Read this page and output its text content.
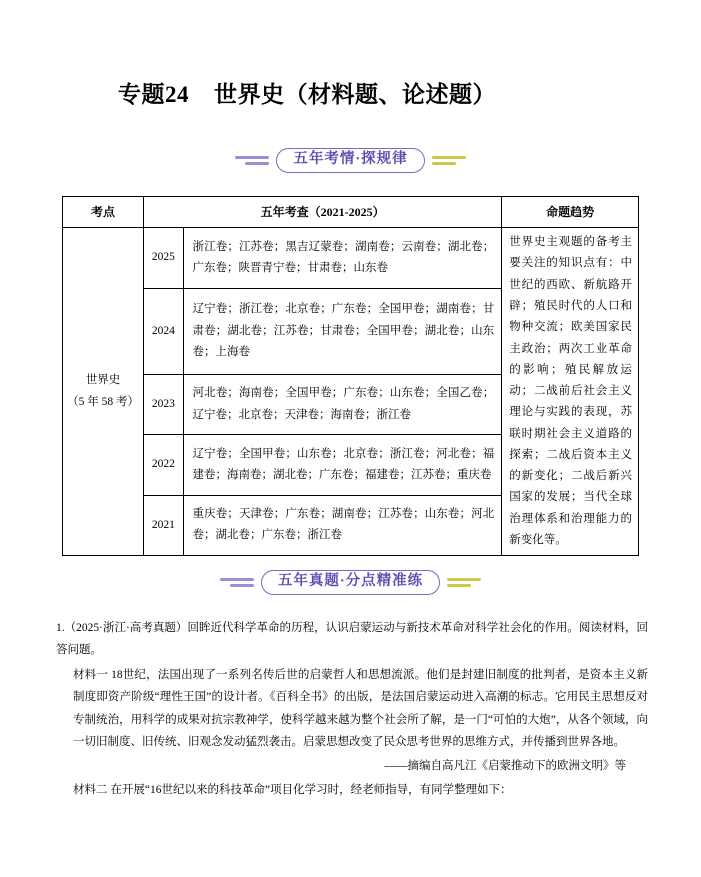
专题24 世界史（材料题、论述题）
五年考情·探规律
考点	五年考查（2021-2025）		命题趋势

世界史
（5 年 58 考）	2025	浙江卷；江苏卷；黑吉辽蒙卷；湖南卷；云南卷；湖北卷；广东卷；陕晋青宁卷；甘肃卷；山东卷	世界史主观题的备考主要关注的知识点有：中世纪的西欧、新航路开辟；殖民时代的人口和物种交流；欧美国家民主政治；两次工业革命的影响；殖民解放运动；二战前后社会主义理论与实践的表现，苏联时期社会主义道路的探索；二战后资本主义的新变化；二战后新兴国家的发展；当代全球治理体系和治理能力的新变化等。
	2024	辽宁卷；浙江卷；北京卷；广东卷；全国甲卷；湖南卷；甘肃卷；湖北卷；江苏卷；甘肃卷；全国甲卷；湖北卷；山东卷；上海卷	
	2023	河北卷；海南卷；全国甲卷；广东卷；山东卷；全国乙卷；辽宁卷；北京卷；天津卷；海南卷；浙江卷	
	2022	辽宁卷；全国甲卷；山东卷；北京卷；浙江卷；河北卷；福建卷；海南卷；湖北卷；广东卷；福建卷；江苏卷；重庆卷	
	2021	重庆卷；天津卷；广东卷；湖南卷；江苏卷；山东卷；河北卷；湖北卷；广东卷；浙江卷	
五年真题·分点精准练
1.（2025·浙江·高考真题）回眸近代科学革命的历程，认识启蒙运动与新技术革命对科学社会化的作用。阅读材料，回答问题。
材料一 18世纪，法国出现了一系列名传后世的启蒙哲人和思想流派。他们是封建旧制度的批判者，是资本主义新制度即资产阶级“理性王国”的设计者。《百科全书》的出版，是法国启蒙运动进入高潮的标志。它用民主思想反对专制统治，用科学的成果对抗宗教神学，使科学越来越为整个社会所了解，是一门“可怕的大炮”，从各个领域，向一切旧制度、旧传统、旧观念发动猛烈袭击。启蒙思想改变了民众思考世界的思维方式，并传播到世界各地。
——摘编自高凡江《启蒙推动下的欧洲文明》等
材料二 在开展“16世纪以来的科技革命”项目化学习时，经老师指导，有同学整理如下：
